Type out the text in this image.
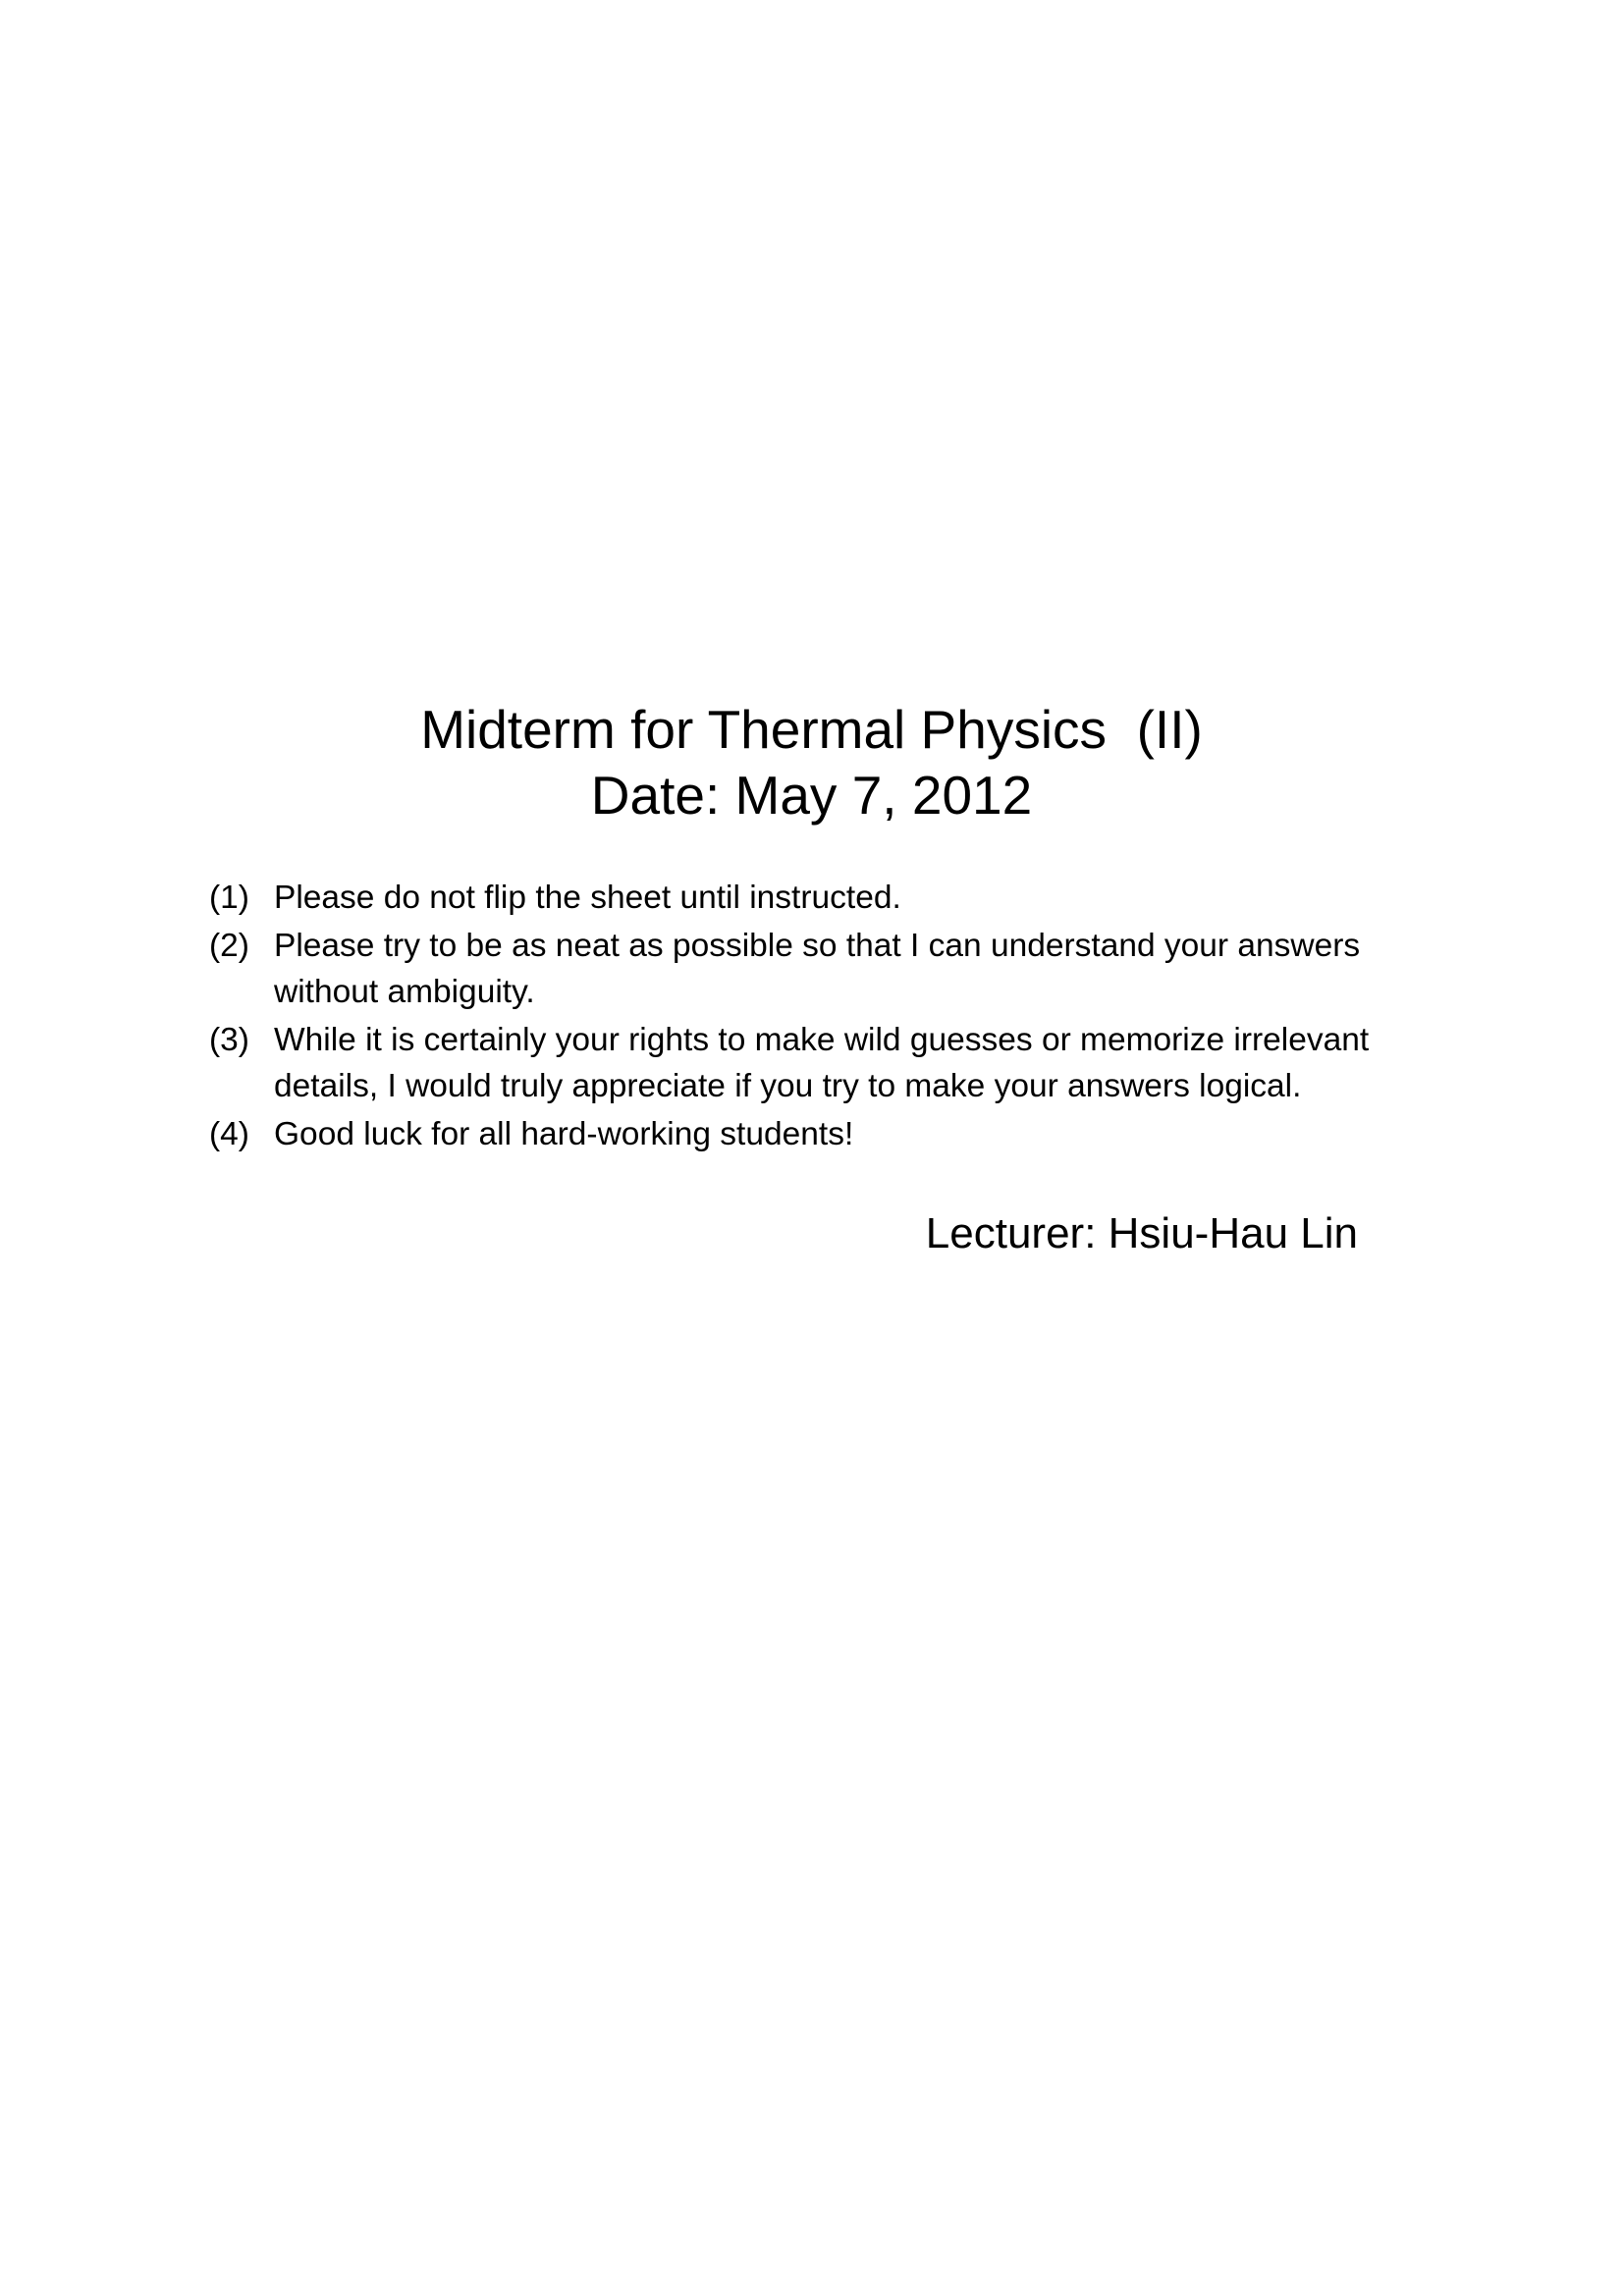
Midterm for Thermal Physics  (II)
Date: May 7, 2012
(1) Please do not flip the sheet until instructed.
(2) Please try to be as neat as possible so that I can understand your answers without ambiguity.
(3) While it is certainly your rights to make wild guesses or memorize irrelevant details, I would truly appreciate if you try to make your answers logical.
(4) Good luck for all hard-working students!
Lecturer: Hsiu-Hau Lin
